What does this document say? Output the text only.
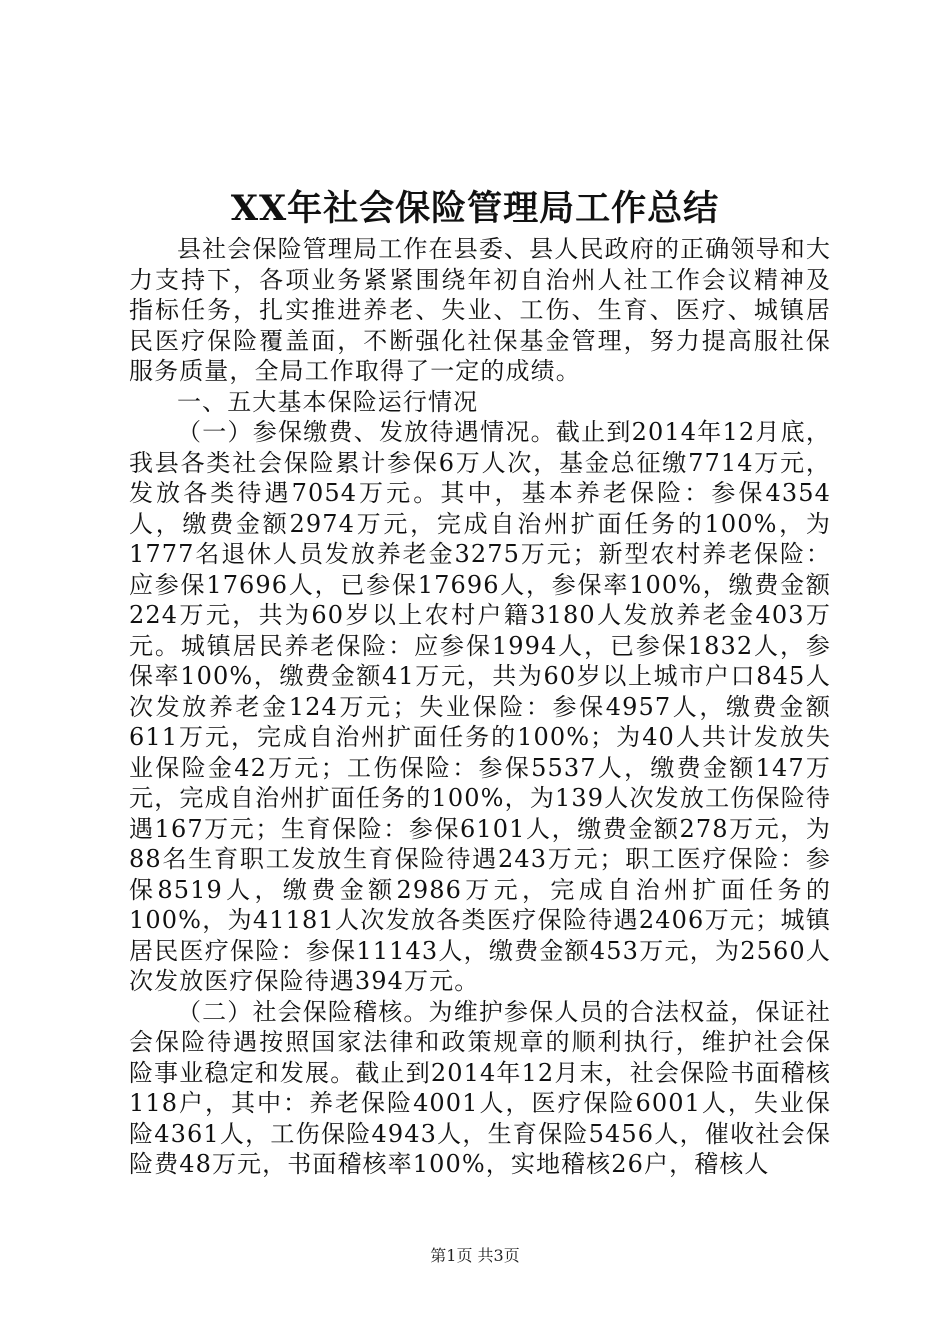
XX年社会保险管理局工作总结

县社会保险管理局工作在县委、县人民政府的正确领导和大力支持下，各项业务紧紧围绕年初自治州人社工作会议精神及指标任务，扎实推进养老、失业、工伤、生育、医疗、城镇居民医疗保险覆盖面，不断强化社保基金管理，努力提高服社保服务质量，全局工作取得了一定的成绩。

一、五大基本保险运行情况

（一）参保缴费、发放待遇情况。截止到2014年12月底，我县各类社会保险累计参保6万人次，基金总征缴7714万元，发放各类待遇7054万元。其中，基本养老保险：参保4354人，缴费金额2974万元，完成自治州扩面任务的100%，为1777名退休人员发放养老金3275万元；新型农村养老保险：应参保17696人，已参保17696人，参保率100%，缴费金额224万元，共为60岁以上农村户籍3180人发放养老金403万元。城镇居民养老保险：应参保1994人，已参保1832人，参保率100%，缴费金额41万元，共为60岁以上城市户口845人次发放养老金124万元；失业保险：参保4957人，缴费金额611万元，完成自治州扩面任务的100%；为40人共计发放失业保险金42万元；工伤保险：参保5537人，缴费金额147万元，完成自治州扩面任务的100%，为139人次发放工伤保险待遇167万元；生育保险：参保6101人，缴费金额278万元，为88名生育职工发放生育保险待遇243万元；职工医疗保险：参保8519人，缴费金额2986万元，完成自治州扩面任务的100%，为41181人次发放各类医疗保险待遇2406万元；城镇居民医疗保险：参保11143人，缴费金额453万元，为2560人次发放医疗保险待遇394万元。

（二）社会保险稽核。为维护参保人员的合法权益，保证社会保险待遇按照国家法律和政策规章的顺利执行，维护社会保险事业稳定和发展。截止到2014年12月末，社会保险书面稽核118户，其中：养老保险4001人，医疗保险6001人，失业保险4361人，工伤保险4943人，生育保险5456人，催收社会保险费48万元，书面稽核率100%，实地稽核26户，稽核人

第1页 共3页
